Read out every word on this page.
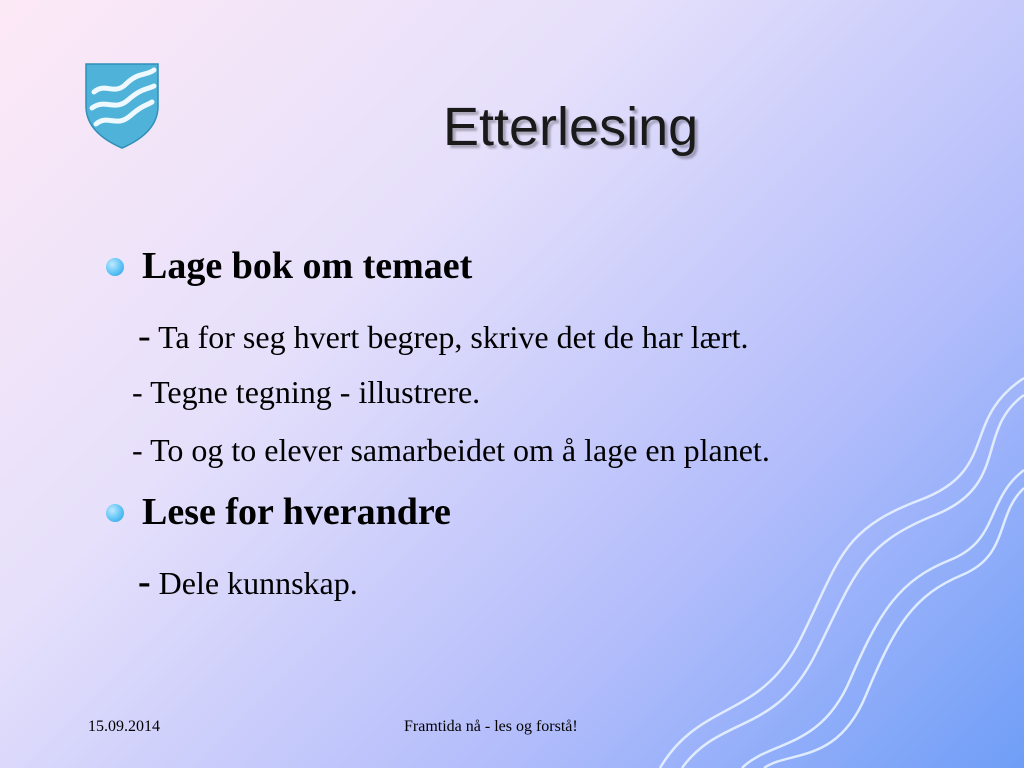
Etterlesing
Lage bok om temaet
- Ta for seg hvert begrep, skrive det de har lært.
- Tegne tegning - illustrere.
- To og to elever samarbeidet om å lage en planet.
Lese for hverandre
- Dele kunnskap.
15.09.2014	Framtida nå - les og forstå!
